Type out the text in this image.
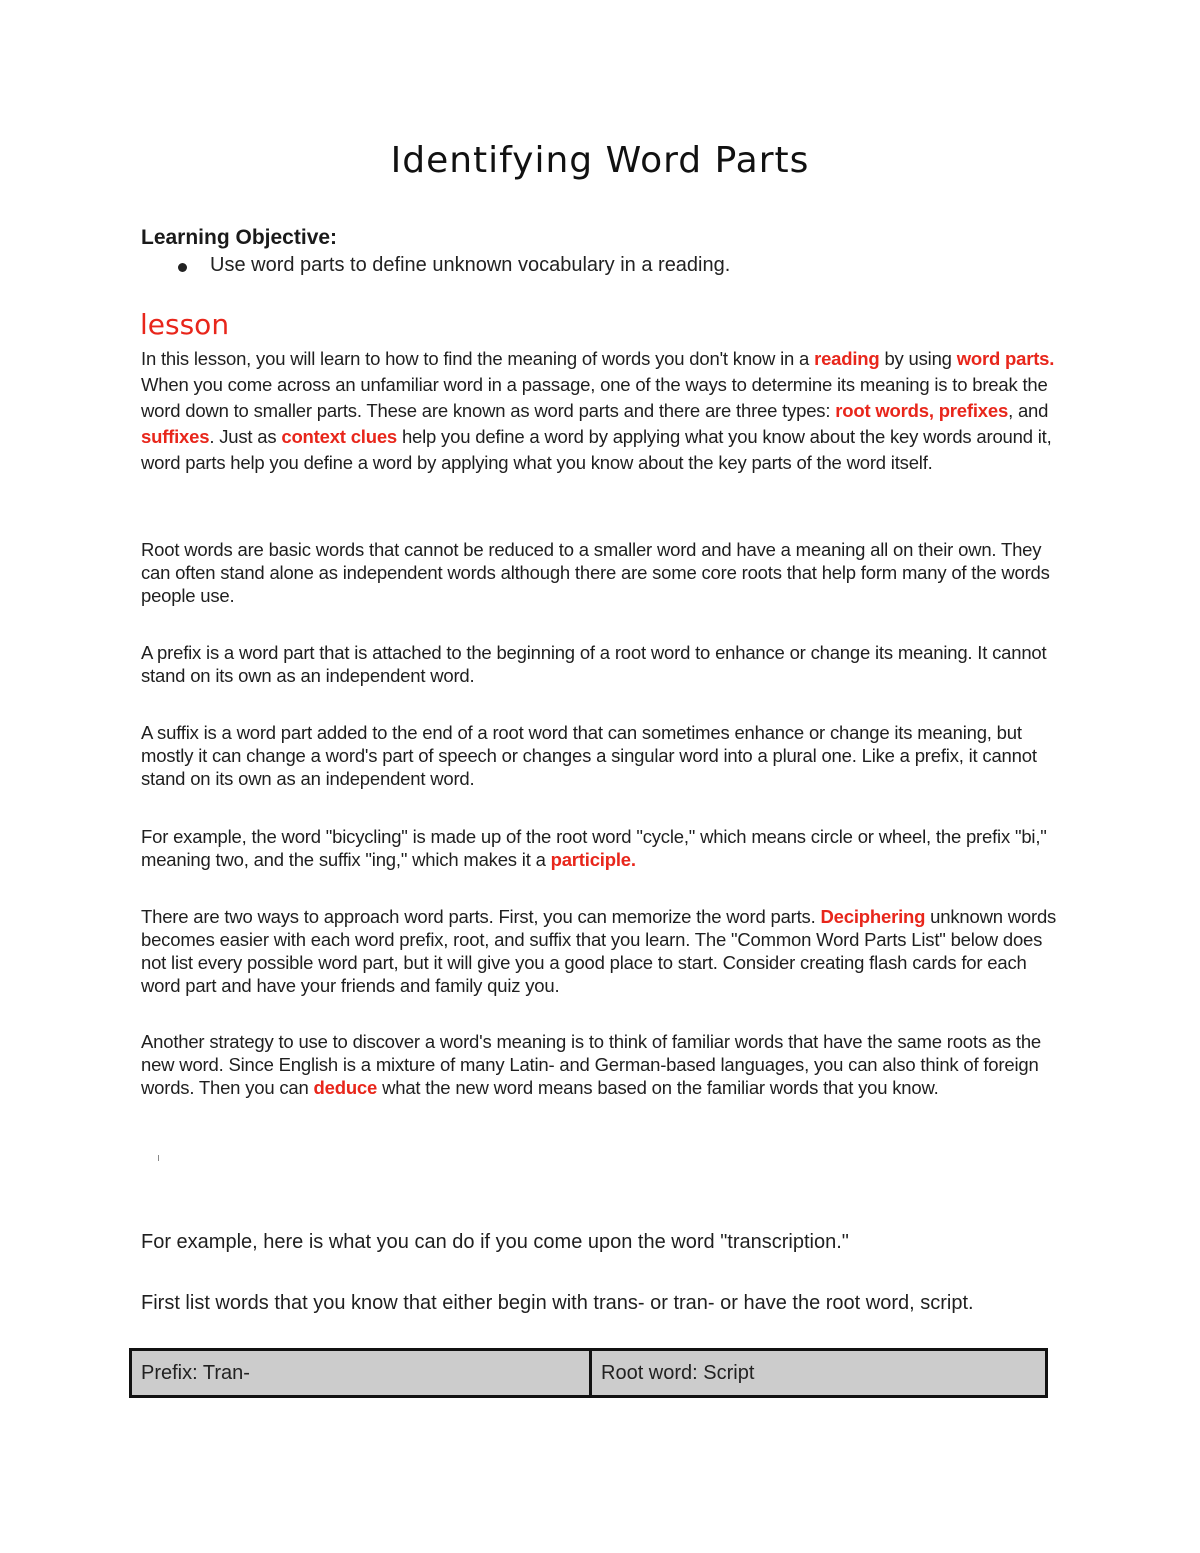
Identifying Word Parts
Learning Objective:
Use word parts to define unknown vocabulary in a reading.
lesson

In this lesson, you will learn to how to find the meaning of words you don't know in a reading by using word parts. When you come across an unfamiliar word in a passage, one of the ways to determine its meaning is to break the word down to smaller parts. These are known as word parts and there are three types: root words, prefixes, and suffixes. Just as context clues help you define a word by applying what you know about the key words around it, word parts help you define a word by applying what you know about the key parts of the word itself.

Root words are basic words that cannot be reduced to a smaller word and have a meaning all on their own. They can often stand alone as independent words although there are some core roots that help form many of the words people use.

A prefix is a word part that is attached to the beginning of a root word to enhance or change its meaning. It cannot stand on its own as an independent word.

A suffix is a word part added to the end of a root word that can sometimes enhance or change its meaning, but mostly it can change a word's part of speech or changes a singular word into a plural one. Like a prefix, it cannot stand on its own as an independent word.

For example, the word "bicycling" is made up of the root word "cycle," which means circle or wheel, the prefix "bi," meaning two, and the suffix "ing," which makes it a participle.

There are two ways to approach word parts. First, you can memorize the word parts. Deciphering unknown words becomes easier with each word prefix, root, and suffix that you learn. The "Common Word Parts List" below does not list every possible word part, but it will give you a good place to start. Consider creating flash cards for each word part and have your friends and family quiz you.

Another strategy to use to discover a word's meaning is to think of familiar words that have the same roots as the new word. Since English is a mixture of many Latin- and German-based languages, you can also think of foreign words. Then you can deduce what the new word means based on the familiar words that you know.

For example, here is what you can do if you come upon the word "transcription."

First list words that you know that either begin with trans- or tran- or have the root word, script.

Prefix: Tran-	Root word: Script
